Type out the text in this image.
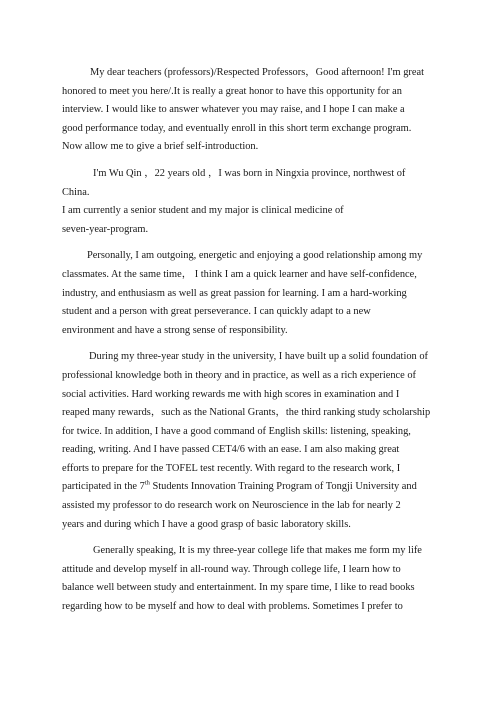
My dear teachers (professors)/Respected Professors，Good afternoon! I'm great
honored to meet you here/.It is really a great honor to have this opportunity for an
interview. I would like to answer whatever you may raise, and I hope I can make a
good performance today, and eventually enroll in this short term exchange program.
Now allow me to give a brief self-introduction.

I'm Wu Qin ，22 years old ，I was born in Ningxia province, northwest of China.
I am currently a senior student and my major is clinical medicine of
seven-year-program.

Personally, I am outgoing, energetic and enjoying a good relationship among my
classmates. At the same time， I think I am a quick learner and have self-confidence,
industry, and enthusiasm as well as great passion for learning. I am a hard-working
student and a person with great perseverance. I can quickly adapt to a new
environment and have a strong sense of responsibility.

During my three-year study in the university, I have built up a solid foundation of
professional knowledge both in theory and in practice, as well as a rich experience of
social activities. Hard working rewards me with high scores in examination and I
reaped many rewards，such as the National Grants，the third ranking study scholarship
for twice. In addition, I have a good command of English skills: listening, speaking,
reading, writing. And I have passed CET4/6 with an ease. I am also making great
efforts to prepare for the TOFEL test recently. With regard to the research work, I
participated in the 7th Students Innovation Training Program of Tongji University and
assisted my professor to do research work on Neuroscience in the lab for nearly 2
years and during which I have a good grasp of basic laboratory skills.

Generally speaking, It is my three-year college life that makes me form my life
attitude and develop myself in all-round way. Through college life, I learn how to
balance well between study and entertainment. In my spare time, I like to read books
regarding how to be myself and how to deal with problems. Sometimes I prefer to
